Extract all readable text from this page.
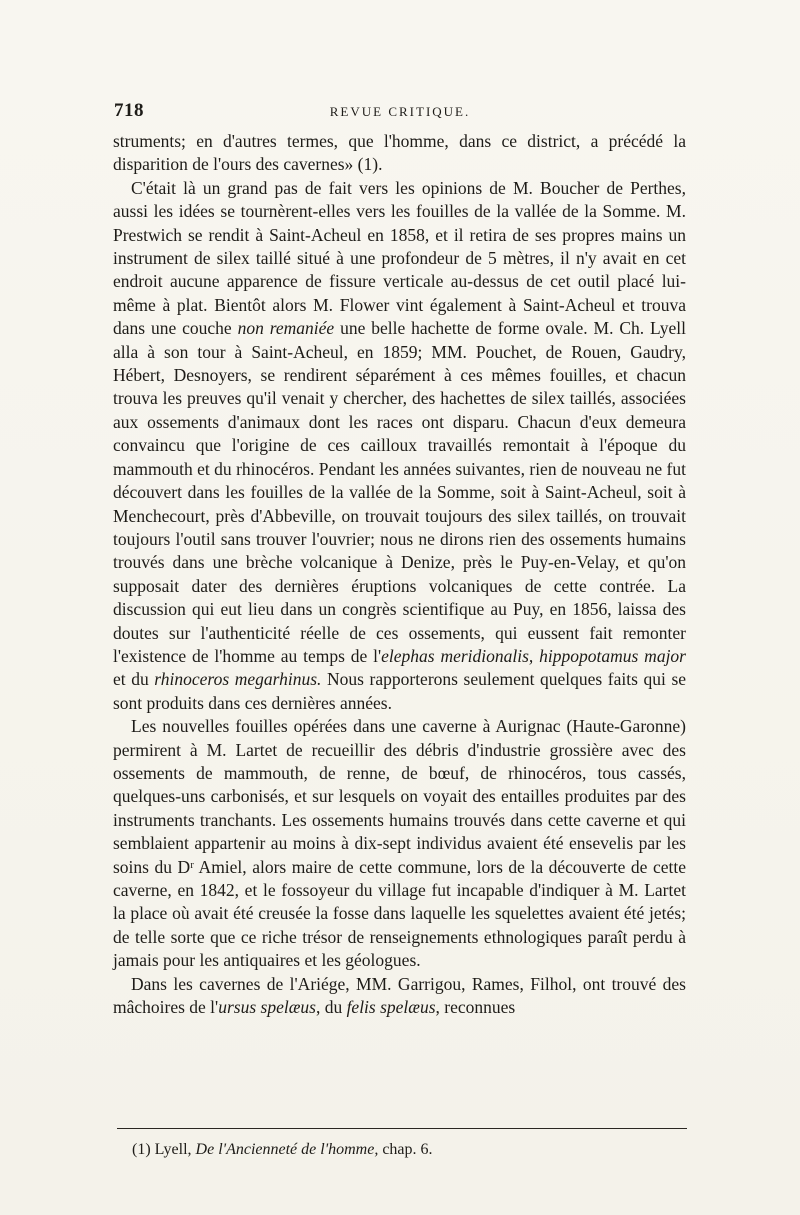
718	REVUE CRITIQUE.

struments; en d'autres termes, que l'homme, dans ce district, a précédé la disparition de l'ours des cavernes» (1).

C'était là un grand pas de fait vers les opinions de M. Boucher de Perthes, aussi les idées se tournèrent-elles vers les fouilles de la vallée de la Somme. M. Prestwich se rendit à Saint-Acheul en 1858, et il retira de ses propres mains un instrument de silex taillé situé à une profondeur de 5 mètres, il n'y avait en cet endroit aucune apparence de fissure verticale au-dessus de cet outil placé lui-même à plat. Bientôt alors M. Flower vint également à Saint-Acheul et trouva dans une couche non remaniée une belle hachette de forme ovale. M. Ch. Lyell alla à son tour à Saint-Acheul, en 1859; MM. Pouchet, de Rouen, Gaudry, Hébert, Desnoyers, se rendirent séparément à ces mêmes fouilles, et chacun trouva les preuves qu'il venait y chercher, des hachettes de silex taillés, associées aux ossements d'animaux dont les races ont disparu. Chacun d'eux demeura convaincu que l'origine de ces cailloux travaillés remontait à l'époque du mammouth et du rhinocéros. Pendant les années suivantes, rien de nouveau ne fut découvert dans les fouilles de la vallée de la Somme, soit à Saint-Acheul, soit à Menchecourt, près d'Abbeville, on trouvait toujours des silex taillés, on trouvait toujours l'outil sans trouver l'ouvrier; nous ne dirons rien des ossements humains trouvés dans une brèche volcanique à Denize, près le Puy-en-Velay, et qu'on supposait dater des dernières éruptions volcaniques de cette contrée. La discussion qui eut lieu dans un congrès scientifique au Puy, en 1856, laissa des doutes sur l'authenticité réelle de ces ossements, qui eussent fait remonter l'existence de l'homme au temps de l'elephas meridionalis, hippopotamus major et du rhinoceros megarhinus. Nous rapporterons seulement quelques faits qui se sont produits dans ces dernières années.

Les nouvelles fouilles opérées dans une caverne à Aurignac (Haute-Garonne) permirent à M. Lartet de recueillir des débris d'industrie grossière avec des ossements de mammouth, de renne, de bœuf, de rhinocéros, tous cassés, quelques-uns carbonisés, et sur lesquels on voyait des entailles produites par des instruments tranchants. Les ossements humains trouvés dans cette caverne et qui semblaient appartenir au moins à dix-sept individus avaient été ensevelis par les soins du Dʳ Amiel, alors maire de cette commune, lors de la découverte de cette caverne, en 1842, et le fossoyeur du village fut incapable d'indiquer à M. Lartet la place où avait été creusée la fosse dans laquelle les squelettes avaient été jetés; de telle sorte que ce riche trésor de renseignements ethnologiques paraît perdu à jamais pour les antiquaires et les géologues.

Dans les cavernes de l'Ariége, MM. Garrigou, Rames, Filhol, ont trouvé des mâchoires de l'ursus spelæus, du felis spelæus, reconnues

(1) Lyell, De l'Ancienneté de l'homme, chap. 6.
